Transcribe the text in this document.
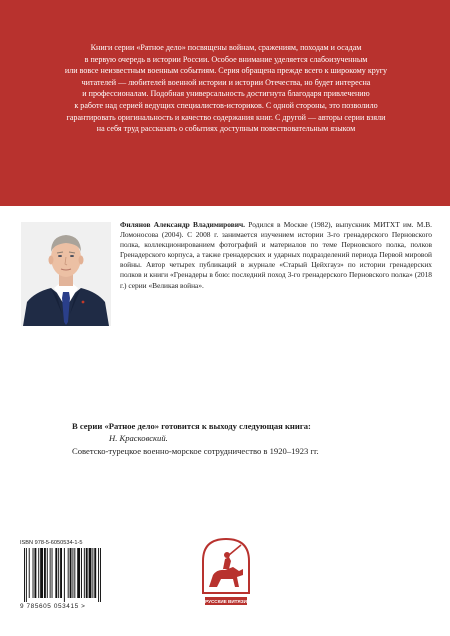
Книги серии «Ратное дело» посвящены войнам, сражениям, походам и осадам
в первую очередь в истории России. Особое внимание уделяется слабоизученным
или вовсе неизвестным военным событиям. Серия обращена прежде всего к широкому кругу
читателей — любителей военной истории и истории Отечества, но будет интересна
и профессионалам. Подобная универсальность достигнута благодаря привлечению
к работе над серией ведущих специалистов-историков. С одной стороны, это позволило
гарантировать оригинальность и качество содержания книг. С другой — авторы серии взяли
на себя труд рассказать о событиях доступным повествовательным языком

Филянов Александр Владимирович. Родился в Москве (1982), выпускник МИТХТ им. М.В. Ломоносова (2004). С 2008 г. занимается изучением истории 3-го гренадерского Перновского полка, коллекционированием фотографий и материалов по теме Перновского полка, полков Гренадерского корпуса, а также гренадерских и ударных подразделений периода Первой мировой войны. Автор четырех публикаций в журнале «Старый Цейхгауз» по истории гренадерских полков и книги «Гренадеры в бою: последний поход 3-го гренадерского Перновского полка» (2018 г.) серии «Великая война».

В серии «Ратное дело» готовится к выходу следующая книга:
Н. Красковский.
Советско-турецкое военно-морское сотрудничество в 1920–1923 гг.
ISBN 978-5-6050534-1-5
9 785605 053415 >
РУССКИЕ ВИТЯЗИ
